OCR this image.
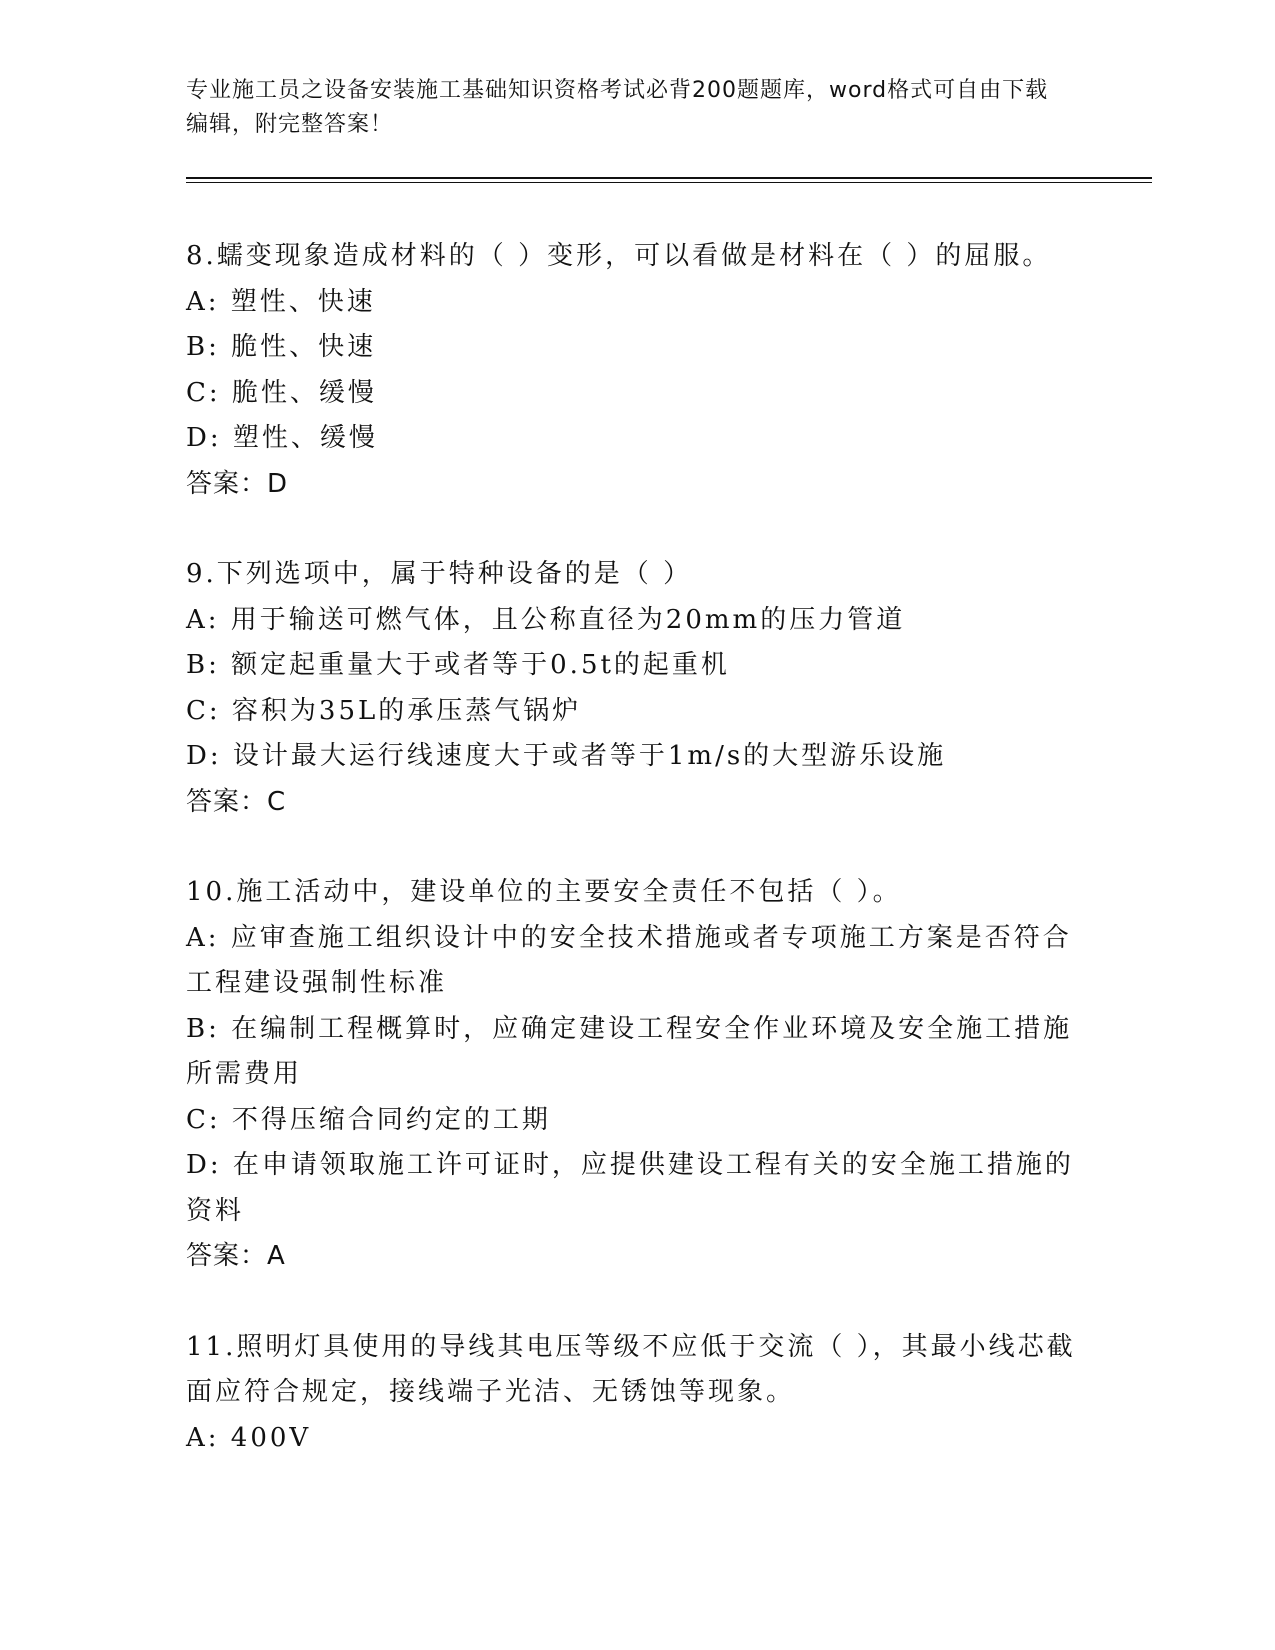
专业施工员之设备安装施工基础知识资格考试必背200题题库，word格式可自由下载编辑，附完整答案！
8.蠕变现象造成材料的（ ）变形，可以看做是材料在（ ）的屈服。
A: 塑性、快速
B: 脆性、快速
C: 脆性、缓慢
D: 塑性、缓慢
答案：D
9.下列选项中，属于特种设备的是（ ）
A: 用于输送可燃气体，且公称直径为20mm的压力管道
B: 额定起重量大于或者等于0.5t的起重机
C: 容积为35L的承压蒸气锅炉
D: 设计最大运行线速度大于或者等于1m/s的大型游乐设施
答案：C
10.施工活动中，建设单位的主要安全责任不包括（ ）。
A: 应审查施工组织设计中的安全技术措施或者专项施工方案是否符合工程建设强制性标准
B: 在编制工程概算时，应确定建设工程安全作业环境及安全施工措施所需费用
C: 不得压缩合同约定的工期
D: 在申请领取施工许可证时，应提供建设工程有关的安全施工措施的资料
答案：A
11.照明灯具使用的导线其电压等级不应低于交流（ ），其最小线芯截面应符合规定，接线端子光洁、无锈蚀等现象。
A: 400V
